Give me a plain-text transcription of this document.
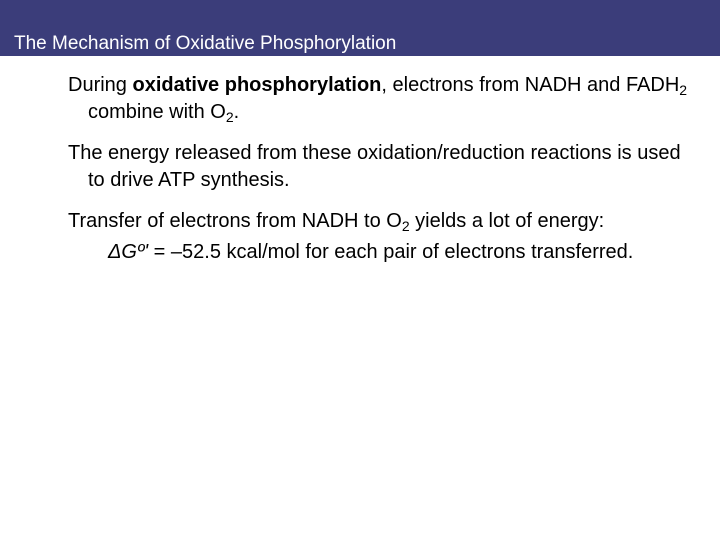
The Mechanism of Oxidative Phosphorylation

During oxidative phosphorylation, electrons from NADH and $FADH_2$ combine with $O_2$.

The energy released from these oxidation/reduction reactions is used to drive ATP synthesis.

Transfer of electrons from NADH to $O_2$ yields a lot of energy:

ΔGº' = –52.5 kcal/mol for each pair of electrons transferred.
